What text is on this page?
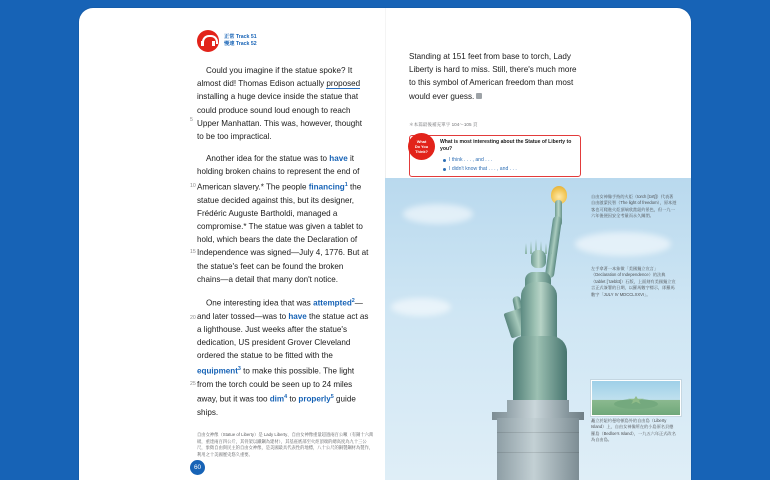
正常 Track 51
慢速 Track 52
5
10
15
20
25

Could you imagine if the statue spoke? It almost did! Thomas Edison actually proposed installing a huge device inside the statue that could produce sound loud enough to reach Upper Manhattan. This was, however, thought to be too impractical.

Another idea for the statue was to have it holding broken chains to represent the end of American slavery.* The people financing$^1$ the statue decided against this, but its designer, Frédéric Auguste Bartholdi, managed a compromise.* The statue was given a tablet to hold, which bears the date the Declaration of Independence was signed—July 4, 1776. But at the statue's feet can be found the broken chains—a detail that many don't notice.

One interesting idea that was attempted$^2$—and later tossed—was to have the statue act as a lighthouse. Just weeks after the statue's dedication, US president Grover Cleveland ordered the statue to be fitted with the equipment$^3$ to make this possible. The light from the torch could be seen up to 24 miles away, but it was too dim$^4$ to properly$^5$ guide ships.

Standing at 151 feet from base to torch, Lady Liberty is hard to miss. Still, there's much more to this symbol of American freedom than most would ever guess.

＊本篇最後補充單字 104～105 頁
What
Do You
Think?
What is most interesting about the Statue of Liberty to you?
I think . . . , and . . .
I didn't know that . . . , and . . .
自由女神像手持的火炬（torch [tɔrtʃ]）代表著自由啟蒙民智（The light of freedom），原本遊客也可爬進火炬頂端欣賞紐約景色，但一九一六年後便因安全考量而永久關閉。
左手拿著一本象徵「美國獨立宣言」（Declaration of Independence）的法典（tablet [ˋtæblɪt]）石版，上面刻有美國獨立宣言正式簽署的日期，以羅馬數字標示，即羅馬數字「JULY IV MDCCLXXVI」。
矗立於紐約曼哈頓島外的自由島（Liberty Island）上，自由女神像所在的小島原名貝德羅島（Bedloe's Island），一九五六年正式改名為自由島。
自由女神像（Statue of Liberty）是 Lady Liberty、自由女神像重量超過兩百公噸（有銅十六萬磅，重達兩百四公斤，其骨架以鐵鋼為建材），其基座底部至火炬頂端的總高度為九十三公尺，象徵自由與民主的自由女神像，是美國最具代表性的地標，八十公尺的銅製鋼材為製作，利用之十美國歷史悠久重要。
60
